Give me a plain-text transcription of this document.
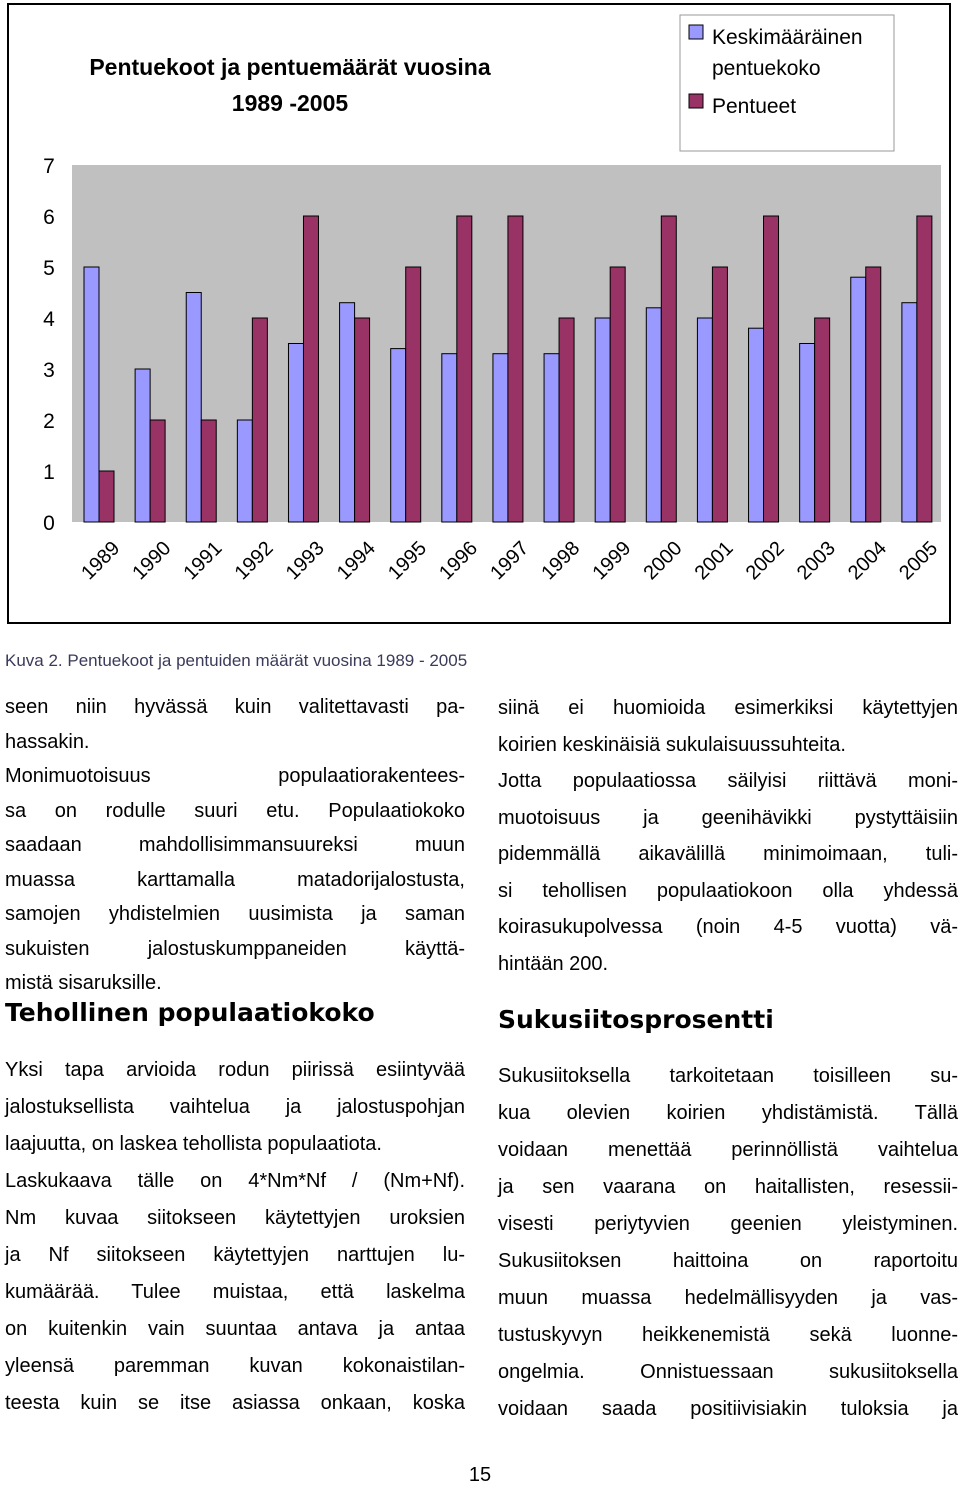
Pentuekoot ja pentuemäärät vuosina
1989 -2005
Keskimääräinen
pentuekoko
Pentueet
0
1
2
3
4
5
6
7
1989 1990 1991 1992 1993 1994 1995 1996 1997 1998 1999 2000 2001 2002 2003 2004 2005
Kuva 2. Pentuekoot ja pentuiden määrät vuosina 1989 - 2005
seen niin hyvässä kuin valitettavasti pa-
hassakin.
Monimuotoisuus populaatiorakentees-
sa on rodulle suuri etu. Populaatiokoko
saadaan mahdollisimmansuureksi muun
muassa karttamalla matadorijalostusta,
samojen yhdistelmien uusimista ja saman
sukuisten jalostuskumppaneiden käyttä-
mistä sisaruksille.
Tehollinen populaatiokoko
Yksi tapa arvioida rodun piirissä esiintyvää
jalostuksellista vaihtelua ja jalostuspohjan
laajuutta, on laskea tehollista populaatiota.
Laskukaava tälle on 4*Nm*Nf / (Nm+Nf).
Nm kuvaa siitokseen käytettyjen uroksien
ja Nf siitokseen käytettyjen narttujen lu-
kumäärää. Tulee muistaa, että laskelma
on kuitenkin vain suuntaa antava ja antaa
yleensä paremman kuvan kokonaistilan-
teesta kuin se itse asiassa onkaan, koska
siinä ei huomioida esimerkiksi käytettyjen
koirien keskinäisiä sukulaisuussuhteita.
Jotta populaatiossa säilyisi riittävä moni-
muotoisuus ja geenihävikki pystyttäisiin
pidemmällä aikavälillä minimoimaan, tuli-
si tehollisen populaatiokoon olla yhdessä
koirasukupolvessa (noin 4-5 vuotta) vä-
hintään 200.
Sukusiitosprosentti
Sukusiitoksella tarkoitetaan toisilleen su-
kua olevien koirien yhdistämistä. Tällä
voidaan menettää perinnöllistä vaihtelua
ja sen vaarana on haitallisten, resessii-
visesti periytyvien geenien yleistyminen.
Sukusiitoksen haittoina on raportoitu
muun muassa hedelmällisyyden ja vas-
tustuskyvyn heikkenemistä sekä luonne-
ongelmia. Onnistuessaan sukusiitoksella
voidaan saada positiivisiakin tuloksia ja
15
